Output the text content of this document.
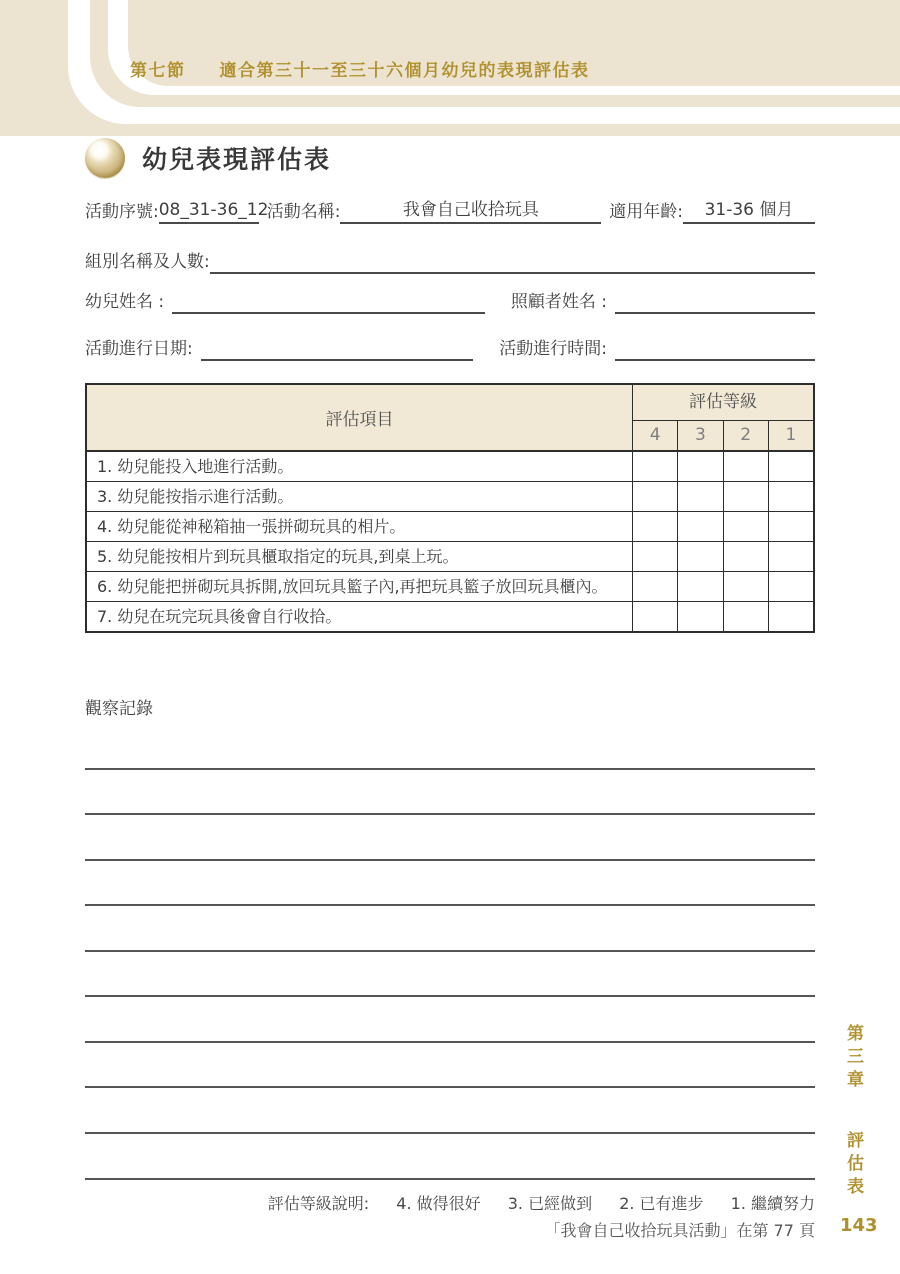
第七節 適合第三十一至三十六個月幼兒的表現評估表
幼兒表現評估表
活動序號: 08_31-36_12
活動名稱:	我會自己收拾玩具	適用年齡:	31-36 個月
組別名稱及人數:
幼兒姓名 :	照顧者姓名 :
活動進行日期:	活動進行時間:
評估項目
評估等級
4	3	2	1
1. 幼兒能投入地進行活動。
3. 幼兒能按指示進行活動。
4. 幼兒能從神秘箱抽一張拼砌玩具的相片。
5. 幼兒能按相片到玩具櫃取指定的玩具,到桌上玩。
6. 幼兒能把拼砌玩具拆開,放回玩具籃子內,再把玩具籃子放回玩具櫃內。
7. 幼兒在玩完玩具後會自行收拾。
觀察記錄
評估等級說明: 4. 做得很好 3. 已經做到 2. 已有進步 1. 繼續努力
「我會自己收拾玩具活動」在第 77 頁 143
第三章 評估表
